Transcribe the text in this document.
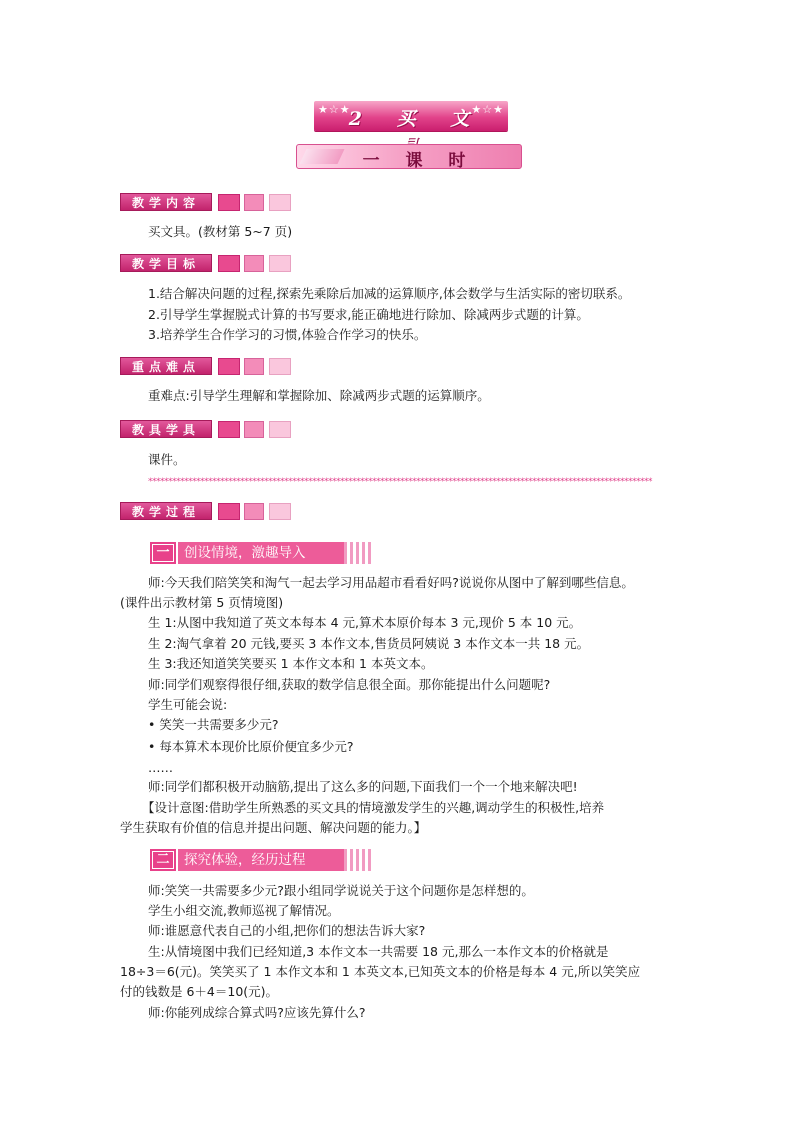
★☆★
2 买 文
★☆★
一 课 时
教学内容
买文具。(教材第 5~7 页)
教学目标
1.结合解决问题的过程,探索先乘除后加减的运算顺序,体会数学与生活实际的密切联系。
2.引导学生掌握脱式计算的书写要求,能正确地进行除加、除减两步式题的计算。
3.培养学生合作学习的习惯,体验合作学习的快乐。
重点难点
重难点:引导学生理解和掌握除加、除减两步式题的运算顺序。
教具学具
课件。
******************************************************************************************************************************
教学过程
一	创设情境，激趣导入
师:今天我们陪笑笑和淘气一起去学习用品超市看看好吗?说说你从图中了解到哪些信息。
(课件出示教材第 5 页情境图)
生 1:从图中我知道了英文本每本 4 元,算术本原价每本 3 元,现价 5 本 10 元。
生 2:淘气拿着 20 元钱,要买 3 本作文本,售货员阿姨说 3 本作文本一共 18 元。
生 3:我还知道笑笑要买 1 本作文本和 1 本英文本。
师:同学们观察得很仔细,获取的数学信息很全面。那你能提出什么问题呢?
学生可能会说:
• 笑笑一共需要多少元?
• 每本算术本现价比原价便宜多少元?
……
师:同学们都积极开动脑筋,提出了这么多的问题,下面我们一个一个地来解决吧!
【设计意图:借助学生所熟悉的买文具的情境激发学生的兴趣,调动学生的积极性,培养
学生获取有价值的信息并提出问题、解决问题的能力。】
二	探究体验，经历过程
师:笑笑一共需要多少元?跟小组同学说说关于这个问题你是怎样想的。
学生小组交流,教师巡视了解情况。
师:谁愿意代表自己的小组,把你们的想法告诉大家?
生:从情境图中我们已经知道,3 本作文本一共需要 18 元,那么一本作文本的价格就是
18÷3＝6(元)。笑笑买了 1 本作文本和 1 本英文本,已知英文本的价格是每本 4 元,所以笑笑应
付的钱数是 6＋4＝10(元)。
师:你能列成综合算式吗?应该先算什么?
